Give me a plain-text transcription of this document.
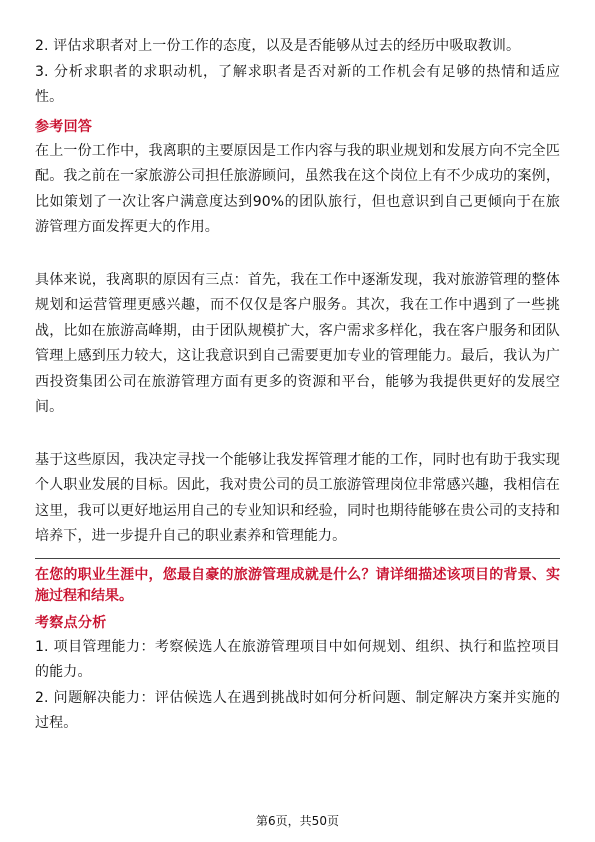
2. 评估求职者对上一份工作的态度，以及是否能够从过去的经历中吸取教训。

3. 分析求职者的求职动机，了解求职者是否对新的工作机会有足够的热情和适应性。

参考回答

在上一份工作中，我离职的主要原因是工作内容与我的职业规划和发展方向不完全匹配。我之前在一家旅游公司担任旅游顾问，虽然我在这个岗位上有不少成功的案例，比如策划了一次让客户满意度达到90%的团队旅行，但也意识到自己更倾向于在旅游管理方面发挥更大的作用。

具体来说，我离职的原因有三点：首先，我在工作中逐渐发现，我对旅游管理的整体规划和运营管理更感兴趣，而不仅仅是客户服务。其次，我在工作中遇到了一些挑战，比如在旅游高峰期，由于团队规模扩大，客户需求多样化，我在客户服务和团队管理上感到压力较大，这让我意识到自己需要更加专业的管理能力。最后，我认为广西投资集团公司在旅游管理方面有更多的资源和平台，能够为我提供更好的发展空间。

基于这些原因，我决定寻找一个能够让我发挥管理才能的工作，同时也有助于我实现个人职业发展的目标。因此，我对贵公司的员工旅游管理岗位非常感兴趣，我相信在这里，我可以更好地运用自己的专业知识和经验，同时也期待能够在贵公司的支持和培养下，进一步提升自己的职业素养和管理能力。

在您的职业生涯中，您最自豪的旅游管理成就是什么？请详细描述该项目的背景、实施过程和结果。

考察点分析

1. 项目管理能力：考察候选人在旅游管理项目中如何规划、组织、执行和监控项目的能力。

2. 问题解决能力：评估候选人在遇到挑战时如何分析问题、制定解决方案并实施的过程。

第6页，共50页
